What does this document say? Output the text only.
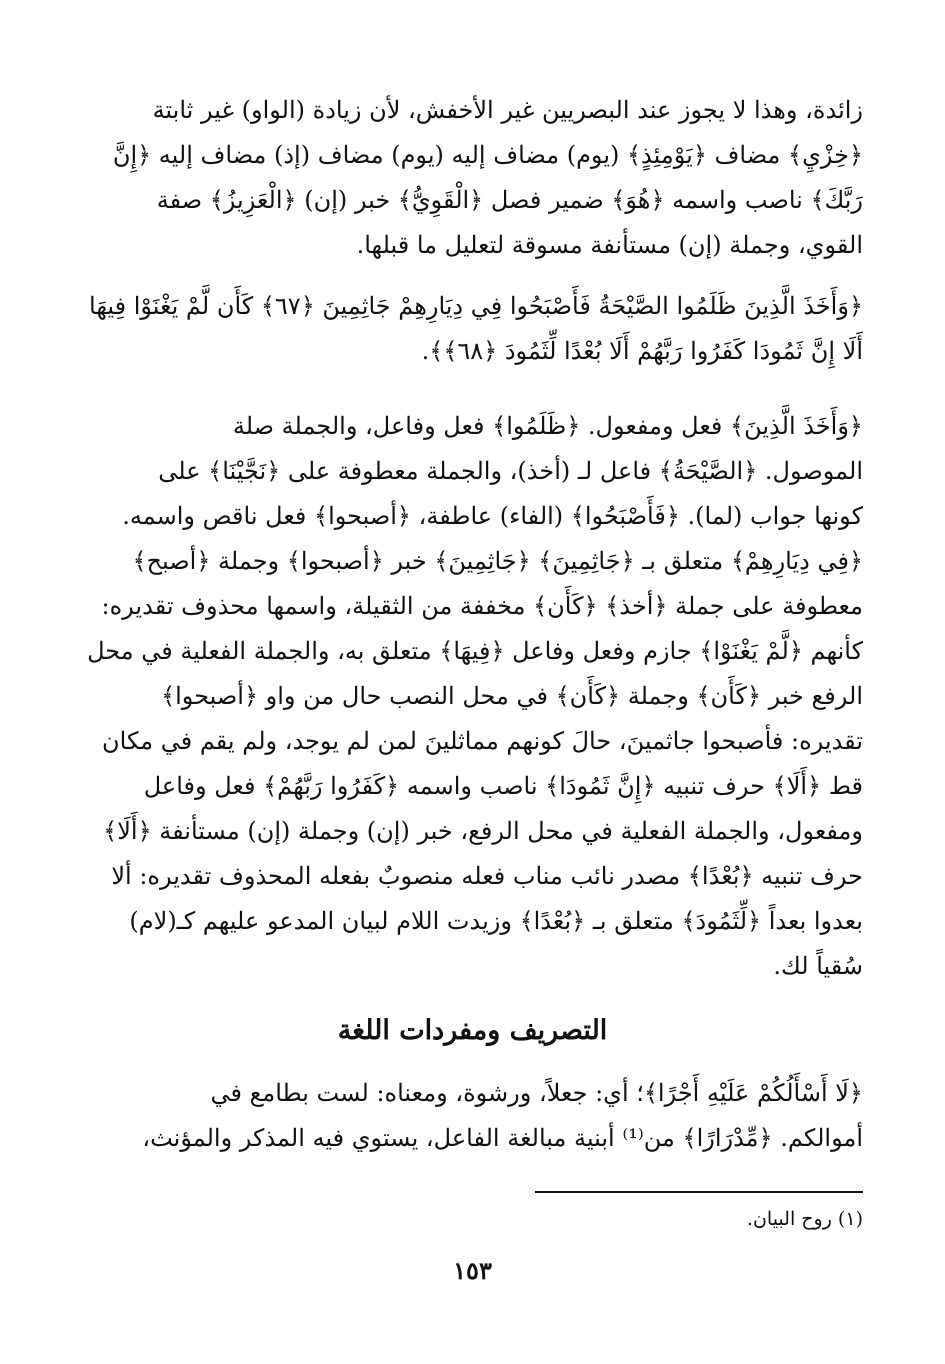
زائدة، وهذا لا يجوز عند البصريين غير الأخفش، لأن زيادة (الواو) غير ثابتة
﴿خِزْيِ﴾ مضاف ﴿يَوْمِئِذٍ﴾ (يوم) مضاف إليه (يوم) مضاف (إذ) مضاف إليه ﴿إِنَّ
رَبَّكَ﴾ ناصب واسمه ﴿هُوَ﴾ ضمير فصل ﴿الْقَوِيُّ﴾ خبر (إن) ﴿الْعَزِيزُ﴾ صفة
القوي، وجملة (إن) مستأنفة مسوقة لتعليل ما قبلها.
﴿وَأَخَذَ الَّذِينَ ظَلَمُوا الصَّيْحَةُ فَأَصْبَحُوا فِي دِيَارِهِمْ جَاثِمِينَ ﴿٦٧﴾ كَأَن لَّمْ يَغْنَوْا فِيهَا
أَلَا إِنَّ ثَمُودَا كَفَرُوا رَبَّهُمْ أَلَا بُعْدًا لِّثَمُودَ ﴿٦٨﴾﴾.
﴿وَأَخَذَ الَّذِينَ﴾ فعل ومفعول. ﴿ظَلَمُوا﴾ فعل وفاعل، والجملة صلة
الموصول. ﴿الصَّيْحَةُ﴾ فاعل لـ (أخذ)، والجملة معطوفة على ﴿نَجَّيْنَا﴾ على
كونها جواب (لما). ﴿فَأَصْبَحُوا﴾ (الفاء) عاطفة، ﴿أصبحوا﴾ فعل ناقص واسمه.
﴿فِي دِيَارِهِمْ﴾ متعلق بـ ﴿جَاثِمِينَ﴾ ﴿جَاثِمِينَ﴾ خبر ﴿أصبحوا﴾ وجملة ﴿أصبح﴾
معطوفة على جملة ﴿أخذ﴾ ﴿كَأَن﴾ مخففة من الثقيلة، واسمها محذوف تقديره:
كأنهم ﴿لَّمْ يَغْنَوْا﴾ جازم وفعل وفاعل ﴿فِيهَا﴾ متعلق به، والجملة الفعلية في محل
الرفع خبر ﴿كَأَن﴾ وجملة ﴿كَأَن﴾ في محل النصب حال من واو ﴿أصبحوا﴾
تقديره: فأصبحوا جاثمينَ، حالَ كونهم مماثلينَ لمن لم يوجد، ولم يقم في مكان
قط ﴿أَلَا﴾ حرف تنبيه ﴿إِنَّ ثَمُودَا﴾ ناصب واسمه ﴿كَفَرُوا رَبَّهُمْ﴾ فعل وفاعل
ومفعول، والجملة الفعلية في محل الرفع، خبر (إن) وجملة (إن) مستأنفة ﴿أَلَا﴾
حرف تنبيه ﴿بُعْدًا﴾ مصدر نائب مناب فعله منصوبٌ بفعله المحذوف تقديره: ألا
بعدوا بعداً ﴿لِّثَمُودَ﴾ متعلق بـ ﴿بُعْدًا﴾ وزيدت اللام لبيان المدعو عليهم كـ(لام)
سُقياً لك.
التصريف ومفردات اللغة
﴿لَا أَسْأَلُكُمْ عَلَيْهِ أَجْرًا﴾؛ أي: جعلاً، ورشوة، ومعناه: لست بطامع في
أموالكم. ﴿مِّدْرَارًا﴾ من⁽¹⁾ أبنية مبالغة الفاعل، يستوي فيه المذكر والمؤنث،
(١) روح البيان.
١٥٣
